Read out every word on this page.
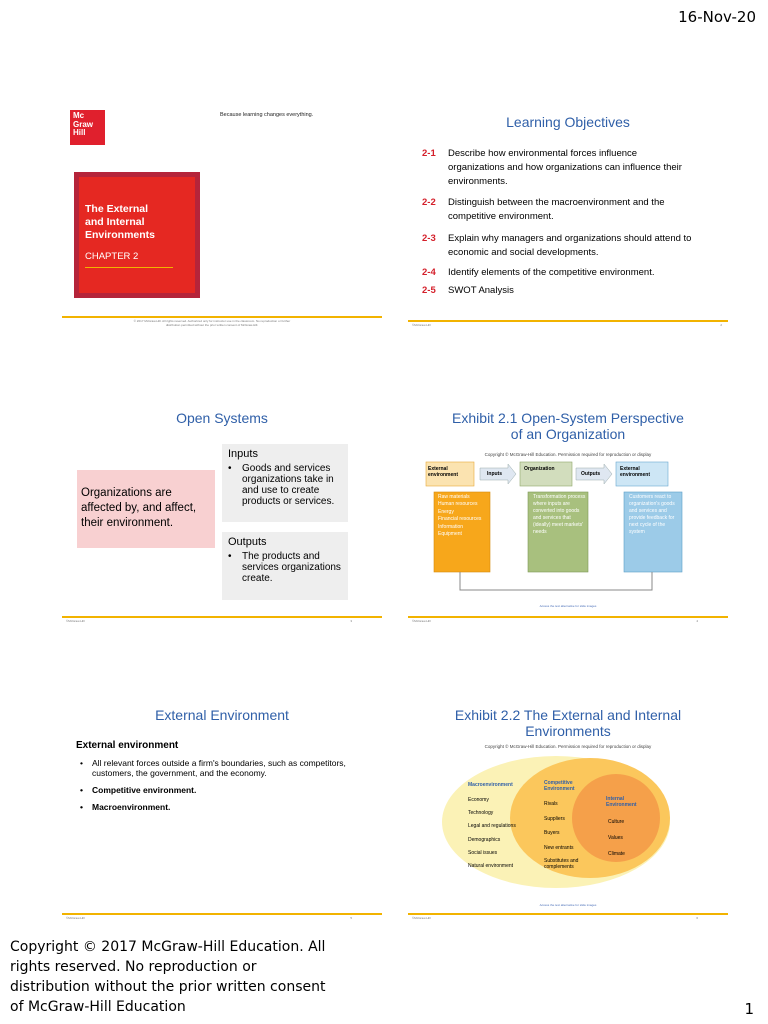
16-Nov-20
Mc
Graw
Hill
Because learning changes everything.
The External
and Internal
Environments
CHAPTER 2
© 2017 McGraw-Hill. All rights reserved. Authorized only for instructor use in the classroom. No reproduction or further distribution permitted without the prior written consent of McGraw-Hill.
Learning Objectives
2-1	Describe how environmental forces influence organizations and how organizations can influence their environments.
2-2	Distinguish between the macroenvironment and the competitive environment.
2-3	Explain why managers and organizations should attend to economic and social developments.
2-4	Identify elements of the competitive environment.
2-5	SWOT Analysis
©McGraw-Hill	2
Open Systems
Organizations are affected by, and affect, their environment.
Inputs
•	Goods and services organizations take in and use to create products or services.
Outputs
•	The products and services organizations create.
©McGraw-Hill	3
Exhibit 2.1 Open-System Perspective
of an Organization
Copyright © McGraw-Hill Education. Permission required for reproduction or display
External environment	Inputs
Organization
Outputs
External environment
Raw materials
Human resources
Energy
Financial resources
Information
Equipment
Transformation process where inputs are converted into goods and services that (ideally) meet markets' needs
Customers react to organization's goods and services and provide feedback for next cycle of the system
Access the text alternative for slide images
©McGraw-Hill	4
External Environment
External environment
•	All relevant forces outside a firm's boundaries, such as competitors, customers, the government, and the economy.
•	Competitive environment.
•	Macroenvironment.
©McGraw-Hill	5
Exhibit 2.2 The External and Internal
Environments
Copyright © McGraw-Hill Education. Permission required for reproduction or display
Macroenvironment
Economy
Technology
Legal and regulations
Demographics
Social issues
Natural environment
Competitive Environment
Rivals
Suppliers
Buyers
New entrants
Substitutes and complements
Internal Environment
Culture
Values
Climate
Access the text alternative for slide images
©McGraw-Hill	6
Copyright © 2017 McGraw-Hill Education. All rights reserved. No reproduction or distribution without the prior written consent of McGraw-Hill Education	1
